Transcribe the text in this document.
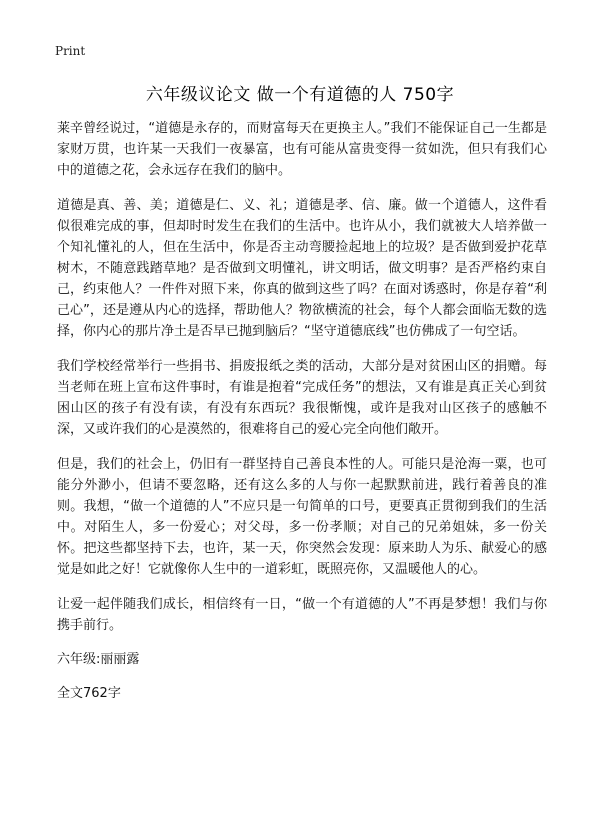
Print
六年级议论文 做一个有道德的人 750字

莱辛曾经说过，“道德是永存的，而财富每天在更换主人。”我们不能保证自己一生都是家财万贯，也许某一天我们一夜暴富，也有可能从富贵变得一贫如洗，但只有我们心中的道德之花，会永远存在我们的脑中。

道德是真、善、美；道德是仁、义、礼；道德是孝、信、廉。做一个道德人，这件看似很难完成的事，但却时时发生在我们的生活中。也许从小，我们就被大人培养做一个知礼懂礼的人，但在生活中，你是否主动弯腰捡起地上的垃圾？是否做到爱护花草树木，不随意践踏草地？是否做到文明懂礼，讲文明话，做文明事？是否严格约束自己，约束他人？一件件对照下来，你真的做到这些了吗？在面对诱惑时，你是存着“利己心”，还是遵从内心的选择，帮助他人？物欲横流的社会，每个人都会面临无数的选择，你内心的那片净土是否早已抛到脑后？“坚守道德底线”也仿佛成了一句空话。

我们学校经常举行一些捐书、捐废报纸之类的活动，大部分是对贫困山区的捐赠。每当老师在班上宣布这件事时，有谁是抱着“完成任务”的想法，又有谁是真正关心到贫困山区的孩子有没有读，有没有东西玩？我很惭愧，或许是我对山区孩子的感触不深，又或许我们的心是漠然的，很难将自己的爱心完全向他们敞开。

但是，我们的社会上，仍旧有一群坚持自己善良本性的人。可能只是沧海一粟，也可能分外渺小，但请不要忽略，还有这么多的人与你一起默默前进，践行着善良的准则。我想，“做一个道德的人”不应只是一句简单的口号，更要真正贯彻到我们的生活中。对陌生人，多一份爱心；对父母，多一份孝顺；对自己的兄弟姐妹，多一份关怀。把这些都坚持下去，也许，某一天，你突然会发现：原来助人为乐、献爱心的感觉是如此之好！它就像你人生中的一道彩虹，既照亮你，又温暖他人的心。

让爱一起伴随我们成长，相信终有一日，“做一个有道德的人”不再是梦想！我们与你携手前行。

六年级:丽丽露

全文762字
